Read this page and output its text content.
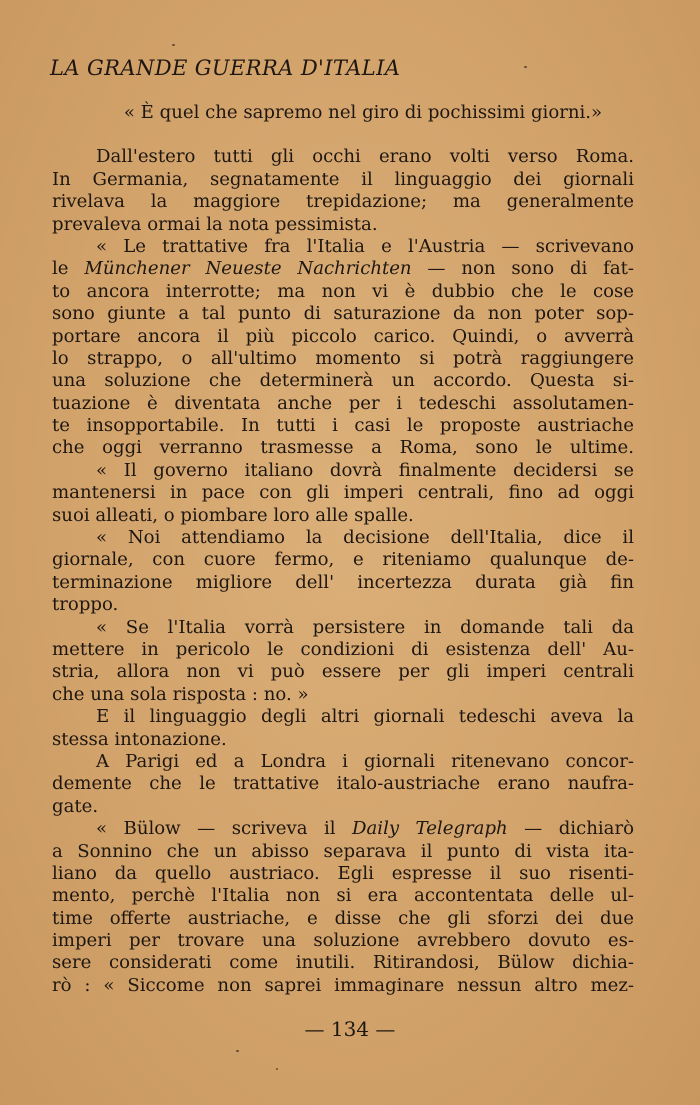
LA GRANDE GUERRA D'ITALIA
« È quel che sapremo nel giro di pochissimi giorni.»
Dall'estero tutti gli occhi erano volti verso Roma.
In Germania, segnatamente il linguaggio dei giornali
rivelava la maggiore trepidazione; ma generalmente
prevaleva ormai la nota pessimista.
« Le trattative fra l'Italia e l'Austria — scrivevano
le Münchener Neueste Nachrichten — non sono di fat-
to ancora interrotte; ma non vi è dubbio che le cose
sono giunte a tal punto di saturazione da non poter sop-
portare ancora il più piccolo carico. Quindi, o avverrà
lo strappo, o all'ultimo momento si potrà raggiungere
una soluzione che determinerà un accordo. Questa si-
tuazione è diventata anche per i tedeschi assolutamen-
te insopportabile. In tutti i casi le proposte austriache
che oggi verranno trasmesse a Roma, sono le ultime.
« Il governo italiano dovrà finalmente decidersi se
mantenersi in pace con gli imperi centrali, fino ad oggi
suoi alleati, o piombare loro alle spalle.
« Noi attendiamo la decisione dell'Italia, dice il
giornale, con cuore fermo, e riteniamo qualunque de-
terminazione migliore dell' incertezza durata già fin
troppo.
« Se l'Italia vorrà persistere in domande tali da
mettere in pericolo le condizioni di esistenza dell' Au-
stria, allora non vi può essere per gli imperi centrali
che una sola risposta : no. »
E il linguaggio degli altri giornali tedeschi aveva la
stessa intonazione.
A Parigi ed a Londra i giornali ritenevano concor-
demente che le trattative italo-austriache erano naufra-
gate.
« Bülow — scriveva il Daily Telegraph — dichiarò
a Sonnino che un abisso separava il punto di vista ita-
liano da quello austriaco. Egli espresse il suo risenti-
mento, perchè l'Italia non si era accontentata delle ul-
time offerte austriache, e disse che gli sforzi dei due
imperi per trovare una soluzione avrebbero dovuto es-
sere considerati come inutili. Ritirandosi, Bülow dichia-
rò : « Siccome non saprei immaginare nessun altro mez-
— 134 —
